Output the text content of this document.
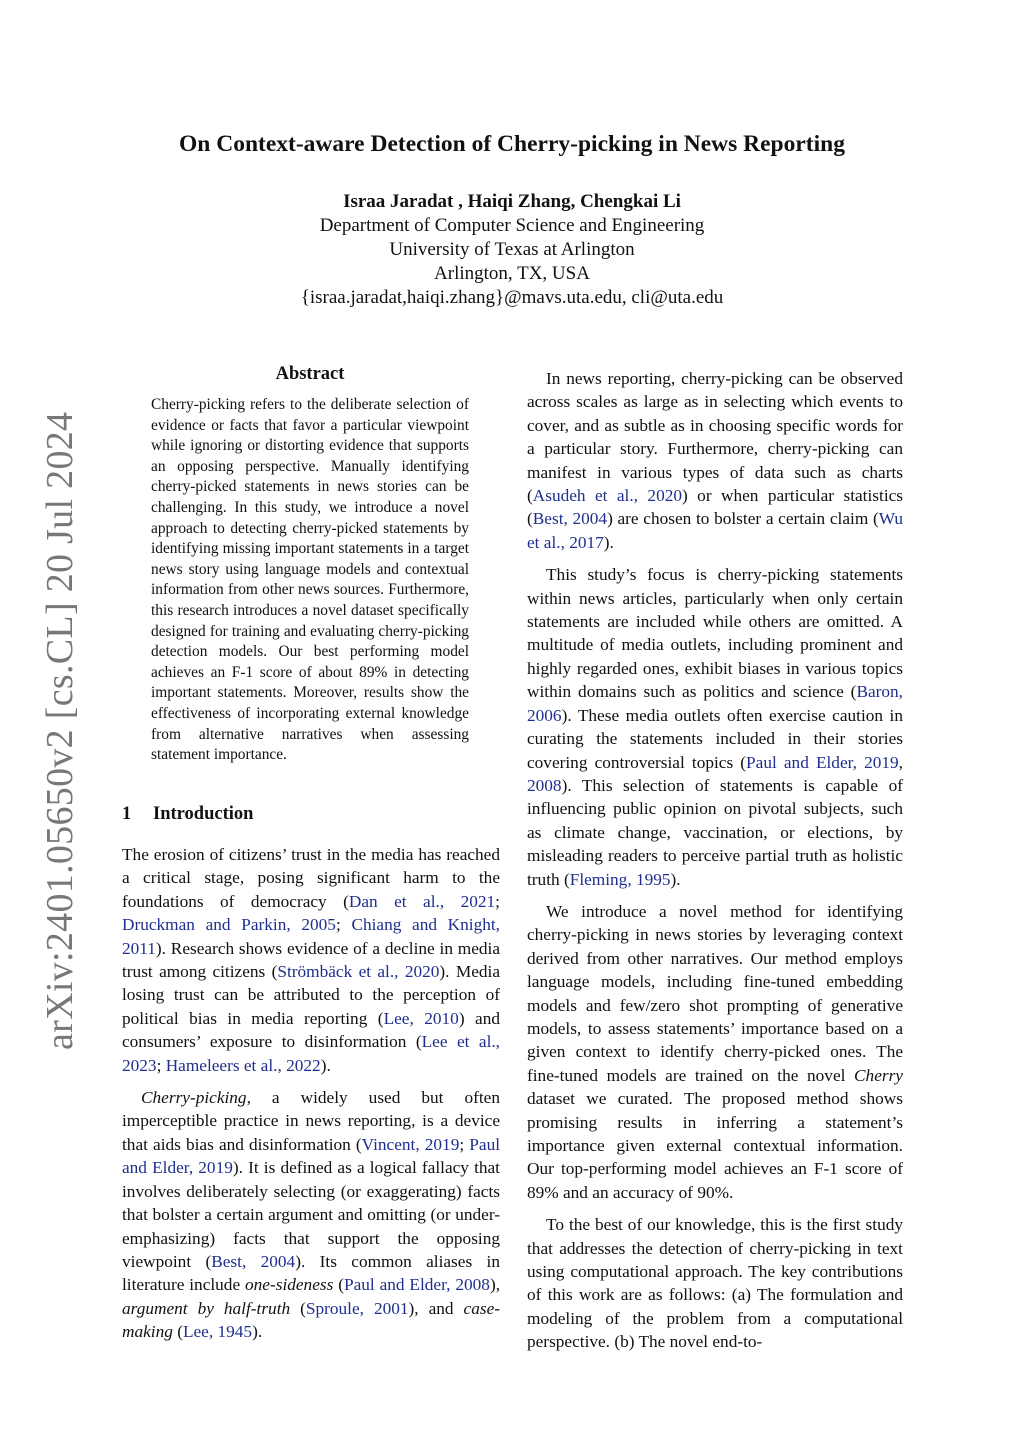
On Context-aware Detection of Cherry-picking in News Reporting
Israa Jaradat , Haiqi Zhang, Chengkai Li
Department of Computer Science and Engineering
University of Texas at Arlington
Arlington, TX, USA
{israa.jaradat,haiqi.zhang}@mavs.uta.edu, cli@uta.edu
arXiv:2401.05650v2 [cs.CL] 20 Jul 2024
Abstract

Cherry-picking refers to the deliberate selection of evidence or facts that favor a particular viewpoint while ignoring or distorting evidence that supports an opposing perspective. Manually identifying cherry-picked statements in news stories can be challenging. In this study, we introduce a novel approach to detecting cherry-picked statements by identifying missing important statements in a target news story using language models and contextual information from other news sources. Furthermore, this research introduces a novel dataset specifically designed for training and evaluating cherry-picking detection models. Our best performing model achieves an F-1 score of about 89% in detecting important statements. Moreover, results show the effectiveness of incorporating external knowledge from alternative narratives when assessing statement importance.

1 Introduction

The erosion of citizens’ trust in the media has reached a critical stage, posing significant harm to the foundations of democracy (Dan et al., 2021; Druckman and Parkin, 2005; Chiang and Knight, 2011). Research shows evidence of a decline in media trust among citizens (Strömbäck et al., 2020). Media losing trust can be attributed to the perception of political bias in media reporting (Lee, 2010) and consumers’ exposure to disinformation (Lee et al., 2023; Hameleers et al., 2022).

Cherry-picking, a widely used but often imperceptible practice in news reporting, is a device that aids bias and disinformation (Vincent, 2019; Paul and Elder, 2019). It is defined as a logical fallacy that involves deliberately selecting (or exaggerating) facts that bolster a certain argument and omitting (or under-emphasizing) facts that support the opposing viewpoint (Best, 2004). Its common aliases in literature include one-sideness (Paul and Elder, 2008), argument by half-truth (Sproule, 2001), and case-making (Lee, 1945).

In news reporting, cherry-picking can be observed across scales as large as in selecting which events to cover, and as subtle as in choosing specific words for a particular story. Furthermore, cherry-picking can manifest in various types of data such as charts (Asudeh et al., 2020) or when particular statistics (Best, 2004) are chosen to bolster a certain claim (Wu et al., 2017).

This study’s focus is cherry-picking statements within news articles, particularly when only certain statements are included while others are omitted. A multitude of media outlets, including prominent and highly regarded ones, exhibit biases in various topics within domains such as politics and science (Baron, 2006). These media outlets often exercise caution in curating the statements included in their stories covering controversial topics (Paul and Elder, 2019, 2008). This selection of statements is capable of influencing public opinion on pivotal subjects, such as climate change, vaccination, or elections, by misleading readers to perceive partial truth as holistic truth (Fleming, 1995).

We introduce a novel method for identifying cherry-picking in news stories by leveraging context derived from other narratives. Our method employs language models, including fine-tuned embedding models and few/zero shot prompting of generative models, to assess statements’ importance based on a given context to identify cherry-picked ones. The fine-tuned models are trained on the novel Cherry dataset we curated. The proposed method shows promising results in inferring a statement’s importance given external contextual information. Our top-performing model achieves an F-1 score of 89% and an accuracy of 90%.

To the best of our knowledge, this is the first study that addresses the detection of cherry-picking in text using computational approach. The key contributions of this work are as follows: (a) The formulation and modeling of the problem from a computational perspective. (b) The novel end-to-
